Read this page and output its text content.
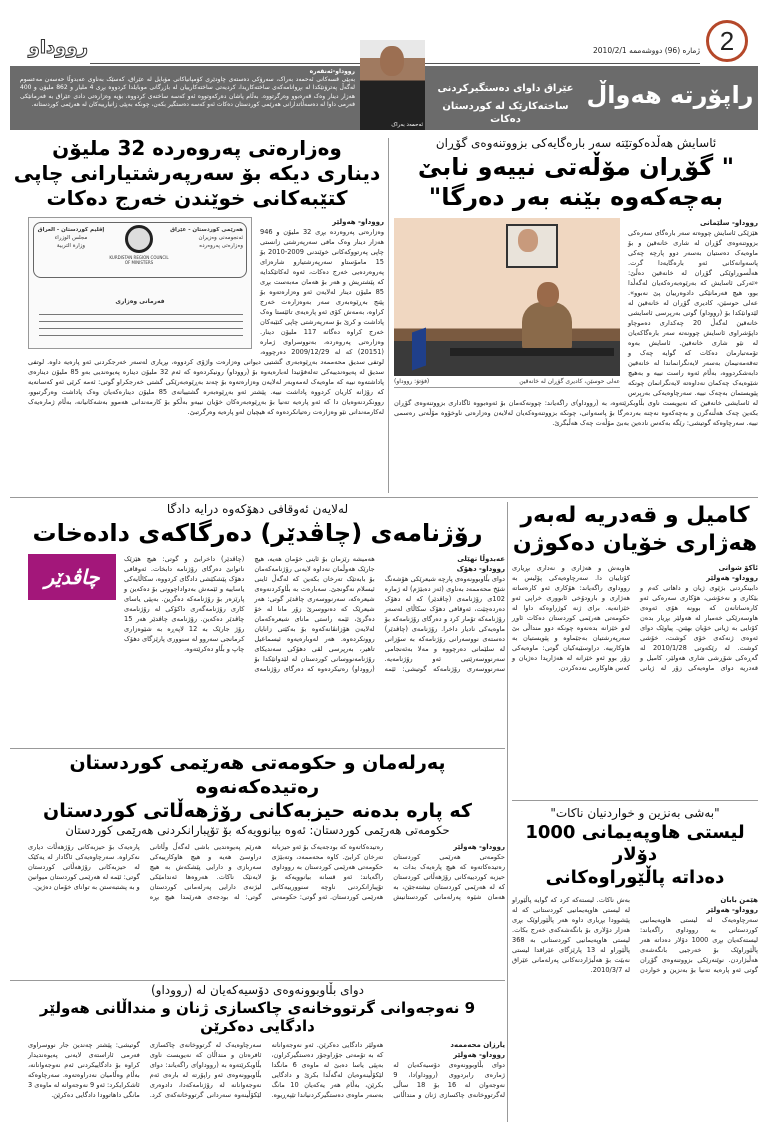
2
ژمارە (96) دووشەممە 2010/2/1
رووداو
راپۆرتە هەواڵ
عێراق داوای دەستگیرکردنی
ساختەکارێک لە کوردستان دەکات
ئەحمەد بەراک
رووداو-ئەنقەرە
بەپێی قسەکانی ئەحمەد بەراک، سەرۆکی دەستەی چاودێری کۆمپانیاکانی مۆبایل لە عێراق، کەسێک بەناوی عەبدوڵا حەسەن مەعسوم لەگەڵ پەترۆنێکدا لە بڕوانامەکەی ساختەکاریدا، کردیەتی ساختەکارییان لە بازرگانی موبایلدا کردووە بڕی 4 ملیار و 862 ملیۆن و 400 هەزار دینار وەک قەرەبوو وەرگرتووە. بەڵام پاشان دەرکەوتووە ئەو کەسە ساختەی کردووە، بۆیە وەزارەتی دادی عێراق بە فەرمانێکی فەرمی داوا لە دەسەڵاتدارانی هەرێمی کوردستان دەکات ئەو کەسە دەستگیر بکەن، چونکە بەپێی زانیارییەکان لە هەرێمی کوردستانە.
ئاسایش هەڵدەکوتێتە سەر بارەگایەکی بزووتنەوەی گۆڕان
" گۆڕان مۆڵەتی نییەو نابێ
بەچەکەوە بێنە بەر دەرگا"
عەلی حوسێن، کادیری گۆڕان لە خانەقین
(فۆتۆ: رووداو)
رووداو- سلێمانی
هێزێکی ئاسایش چووەتە سەر بارەگای سەرەکی بزووتنەوەی گۆڕان لە شاری خانەقین و بۆ ماوەیەک دەستیان بەسەر دوو پارچە چەکی پاسەوانەکانی ئەو بارەگایەدا گرت. هەڵسوڕاوێکی گۆڕان لە خانەقین دەڵێ: «ئەرکی ئاسایش کە بەرێوەبەرەکەیان لەگەڵدا بوو، هیچ فەرمانێکی دادوەرییان پێ نەبوو». عەلی حوسێن، کادیری گۆڕان لە خانەقین لە لێدوانێکدا بۆ (رووداو) گوتی بەرپرسی ئاسایشی خانەقین لەگەڵ 20 چەکداری دەموچاو داپۆشراوی ئاسایش چوونەتە سەر بارەگاکەیان لە نێو شاری خانەقین. ئاسایش بەوە تۆمەتبارمان دەکات کە گوایە چەک و تەقەمەنیمان بەسەر لایەنگرانماندا لە خانەقین دابەشکردووە، بەڵام ئەوە راست نییە و بەهیچ شێوەیەک چەکمان نەداوەتە لایەنگرانمان چونکە پێویستمان بەچەک نییە. سەرچاوەیەکی بەرپرس لە ئاسایشی خانەقین کە نەیویست ناوی بڵاوبکرێتەوە، بە (رووداو)ی راگەیاند: چوونەکەمان بۆ ئەوەبووە ئاگاداری بزووتنەوەی گۆڕان بکەین چەک هەڵنەگرن و بەچەکەوە نەچنە بەردەرگا بۆ پاسەوانی، چونکە بزووتنەوەکەیان لەلایەن وەزارەتی ناوخۆوە مۆڵەتی رەسمی نییە. سەرچاوەکە گوتیشی: رێگە بەکەس نادەین بەبێ مۆڵەت چەک هەڵبگرێ.
وەزارەتی پەروەردە 32 ملیۆن
دیناری دیکە بۆ سەرپەرشتیارانی چاپی
کتێبەکانی خوێندن خەرج دەکات
هەرێمی کوردستان - عێراق
ئەنجومەنی وەزیران
وەزارەتی پەروەردە
KURDISTAN REGION COUNCIL OF MINISTERS
إقليم كوردستان - العراق
مجلس الوزراء
وزارة التربية
فەرمانی وەزاری
رووداو- هەولێر
وەزارەتی پەروەردە بڕی 32 ملیۆن و 946 هەزار دینار وەک مافی سەرپەرشتی زانستی چاپی پەرتووکەکانی خوێندنی 2009-2010 بۆ 15 مامۆستاو سەرپەرشتیارو شارەزای پەروەردەیی خەرج دەکات، ئەوە لەکاتێکدایە کە پێشتریش و هەر بۆ هەمان مەبەست بڕی 85 ملیۆن دینار لەلایەن ئەو وەزارەتەوە بۆ پێنج بەڕێوەبەری سەر بەوەزارەت خەرج کراوە، بەمەش کۆی ئەو پارەیەی تائێستا وەک پاداشت و کرێ بۆ سەرپەرشتی چاپی کتێبەکان خەرج کراوە دەگاتە 117 ملیۆن دینار. وەزارەتی پەروەردە، بەنووسراوی ژمارە (20151) کە لە 2009/12/29 دەرچووە، لوتفی سدیق محەممەد بەڕێوەبەری گشتیی دیوانی وەزارەت واژۆی کردووە، بڕیاری لەسەر خەرجکردنی ئەو پارەیە داوە. لوتفی سدیق لە پەیوەندییەکی تەلەفۆنیدا لەبارەیەوە بۆ (رووداو) رونیکردەوە کە ئەم 32 ملیۆن دینارە پەیوەندیی بەو 85 ملیۆن دینارەی پاداشتەوە نییە کە ماوەیەک لەمەوبەر لەلایەن وەزارەتەوە بۆ چەند بەڕێوەبەرێکی گشتی خەرجکراو گوتی: ئەمە کرێی ئەو کەسانەیە کە رۆژانە کاریان کردووە پاداشت نییە. پێشتر ئەو بەڕێوەبەرە گشتییانەی 85 ملیۆن دینارەکەیان وەک پاداشت وەرگرتبوو، روونکردنەوەیان دا کە ئەو پارەیە تەنیا بۆ بەڕێوەبەرەکان خۆیان نییەو بەڵکو بۆ کارمەندانی هەموو بەشەکانیانە، بەڵام ژمارەیەک لەکارمەندانی نێو وەزارەت رەتیانکردەوە کە هیچیان لەو پارەیە وەرگرتبێ.
کامیل و قەدریە لەبەر
هەژاری خۆیان دەکوژن
ئاکۆ شوانی
رووداو- هەولێر
دابینکردنی بژێوی ژیان و داهاتی کەم و بێکاری و نەخۆشی، هۆکاری سەرەکی ئەو کارەساتانەن کە بوونە هۆی ئەوەی هاوسەرێکی خەمبار لە هەولێر بڕیار بدەن کۆتایی بە ژیانی خۆیان بهێنن. پیاوێک دوای ئەوەی ژنەکەی خۆی کوشت، خۆشی کوشت. لە رێکەوتی 2010/1/28 لە گەڕەکی شۆڕشی شاری هەولێر، کامیل و قەدریە دوای ماوەیەکی زۆر لە ژیانی هاوبەش و هەژاری و نەداری بڕیاری کۆتاییان دا. سەرچاوەیەکی پۆلیس بە رووداوی راگەیاند: هۆکاری ئەو کارەساتە هەژاری و بارودۆخی ئابووری خراپی ئەو خێزانەیە. برای ژنە کوژراوەکە داوا لە حکومەتی هەرێمی کوردستان دەکات ئاوڕ لەو خێزانە بدەنەوە چونکە دوو منداڵی بێ سەرپەرشتیان بەجێماوە و پێویستیان بە هاوکارییە. دراوسێیەکیان گوتی: ماوەیەکی زۆر بوو ئەو خێزانە لە هەژاریدا دەژیان و کەس هاوکاریی نەدەکردن.
لەلایەن ئەوقافی دهۆکەوە درایە دادگا
رۆژنامەی (چاڤدێر) دەرگاکەی دادەخات
چاڤدێر
عەبدوڵا نهێلی
رووداو- دهۆک
دوای بڵاوبوونەوەی پارچە شیعرێکی هۆشەنگ شێخ محەممەد بەناوی (ئەز دەبێژم) لە ژمارە 102ی رۆژنامەی (چاڤدێر) کە لە دهۆک دەردەچێت، ئەوقافی دهۆک سکاڵای لەسەر رۆژنامەکە تۆمار کرد و دەرگای رۆژنامەکە بۆ ماوەیەکی نادیار داخرا. رۆژنامەی (چاڤدێر) دەستەی نووسەرانی رۆژنامەکە بە سۆزانی لە سلێمانی دەرچووە و مەلا بەئەنجامی سەرنووسەرێتیی ئەو رۆژنامەیە. سەرنووسەری رۆژنامەکە گوتیشی: ئێمە هەمیشە رێزمان بۆ ئاینی خۆمان هەیە، هیچ جارێک هەوڵمان نەداوە لایەنی رۆژنامەکەمان بۆ بابەتێک تەرخان بکەین کە لەگەڵ ئاینی ئیسلام نەگونجێ. سەبارەت بە بڵاوکردنەوەی شیعرەکە، سەرنووسەری چاڤدێر گوتی: هەر شیعرێک کە دەنووسرێ زۆر مانا لە خۆ دەگرێ، ئێمە راستی مانای شیعرەکەمان لەلایەن هۆزانڤانەکەوە بۆ بەکێتی زانایان روونکردەوە. هەر لەوبارەیەوە ئیسماعیل تاهیر، بەرپرسی لقی دهۆکی سەندیکای رۆژنامەنووسانی کوردستان لە لێدوانێکدا بۆ (رووداو) رەتیکردەوە کە دەرگای رۆژنامەی (چاڤدێر) داخرابێ و گوتی: هیچ هێزێک ناتوانێ دەرگای رۆژنامە دابخات. ئەوقافی دهۆک پێشکێشی دادگای کردووە، سکاڵایەکی یاساییە و ئێمەش بەدواداچوونی بۆ دەکەین و پارێزەر بۆ رۆژنامەکە دەگرین. بەپێی یاسای کاری رۆژنامەگەری داکۆکی لە رۆژنامەی چاڤدێر دەکەین. رۆژنامەی چاڤدێر هەر 15 رۆژ جارێک بە 12 لاپەڕە بە شێوەزاری کرمانجی سەروو لە سنووری پارێزگای دهۆک چاپ و بڵاو دەکرێتەوە.
پەرلەمان و حکومەتی هەرێمی کوردستان رەتیدەکەنەوە
کە پارە بدەنە حیزبەکانی رۆژهەڵاتی کوردستان
حکومەتی هەرێمی کوردستان: ئەوە بیانوویەکە بۆ تۆپبارانکردنی هەرێمی کوردستان
رووداو- هەولێر
حکومەتی هەرێمی کوردستان رەتیدەکاتەوە کە هیچ پارەیەک بدات بە حیزبە کوردییەکانی رۆژهەڵاتی کوردستان کە لە هەرێمی کوردستان نیشتەجێن، بە هەمان شێوە پەرلەمانی کوردستانیش رەتیدەکاتەوە کە بودجەیەک بۆ ئەو حیزبانە تەرخان کرابێ. کاوە محەممەد، وتەبێژی حکومەتی هەرێمی کوردستان بە رووداوی راگەیاند: ئەو قسانە بیانوویەکە بۆ تۆپبارانکردنی ناوچە سنوورییەکانی هەرێمی کوردستان. ئەو گوتی: حکومەتی هەرێم پەیوەندیی باشی لەگەڵ وڵاتانی دراوسێ هەیە و هیچ هاوکارییەکی سەربازی و دارایی پێشکەش بە هیچ لایەنێک ناکات. هەروەها ئەندامێکی لیژنەی دارایی پەرلەمانی کوردستان گوتی: لە بودجەی هەرێمدا هیچ بڕە پارەیەک بۆ حیزبەکانی رۆژهەڵات دیاری نەکراوە. سەرچاوەیەکی ئاگادار لە یەکێک لە حیزبەکانی رۆژهەڵاتی کوردستان گوتی: ئێمە لە هەرێمی کوردستان میوانین و بە پشتبەستن بە توانای خۆمان دەژین.
"بەشی بەنزین و خواردنیان ناکات"
لیستی هاوپەیمانی 1000 دۆلار
دەداتە پاڵێوراوەکانی
هێمن بابان
رووداو- هەولێر
سەرچاوەیەک لە لیستی هاوپەیمانیی کوردستانی بە رووداوی راگەیاند: لیستەکەیان بڕی 1000 دۆلار دەداتە هەر پاڵێوراوێک بۆ خەرجیی بانگەشەی هەڵبژاردن. نوێنەرێکی بزووتنەوەی گۆڕان گوتی ئەو پارەیە تەنیا بۆ بەنزین و خواردن بەش ناکات. لیستەکە کرد کە گوایە پاڵێوراو لە لیستی هاوپەیمانیی کوردستانی کە لە پێشوودا بڕیاری داوە هەر پاڵێوراوێک بڕی هەزار دۆلاری بۆ بانگەشەکەی خەرج بکات. لیستی هاوپەیمانیی کوردستانی بە 368 پاڵێوراو لە 13 پارێزگای عێراقدا لیستی نەبێت بۆ هەڵبژاردنەکانی پەرلەمانی عێراق لە 2010/3/7.
دوای بڵاوبوونەوەی دۆسیەکەیان لە (رووداو)
9 نەوجەوانی گرتووخانەی چاکسازی ژنان و منداڵانی هەولێر دادگایی دەکرێن
یارزان محەممەد
رووداو- هەولێر
دوای بڵاوبوونەوەی دۆسیەکەیان لە ژمارەی رابردووی (رووداو)دا، 9 نەوجەوان لە 16 بۆ 18 ساڵی لەگرتووخانەی چاکسازی ژنان و منداڵانی هەولێر دادگایی دەکرێن. ئەو نەوجەوانانە کە بە تۆمەتی جۆراوجۆر دەستگیرکراون، بەپێی یاسا دەبێ لە ماوەی 6 مانگدا لێکۆڵینەوەیان لەگەڵدا بکرێ و دادگایی بکرێن، بەڵام هەر یەکەیان 10 مانگ بەسەر ماوەی دەستگیرکردنیاندا تێپەڕیوە. سەرچاوەیەک لە گرتووخانەی چاکسازی ئافرەتان و منداڵان کە نەیویست ناوی بڵاوبکرێتەوە بە (رووداو)ی راگەیاند: دوای بڵاوبوونەوەی ئەو راپۆرتە لە بارەی ئەم نەوجەوانانە لە رۆژنامەکەدا، دادوەری لێکۆڵینەوە سەردانی گرتووخانەکەی کرد. گوتیشی: پێشتر چەندین جار نووسراوی فەرمی ئاراستەی لایەنی پەیوەندیدار کراوە بۆ دادگاییکردنی ئەم نەوجەوانانە، بەڵام وەڵامیان نەدراوەتەوە. سەرچاوەکە ئاشکرایکرد: ئەو 9 نەوجەوانە لە ماوەی 3 مانگی داهاتوودا دادگایی دەکرێن.
